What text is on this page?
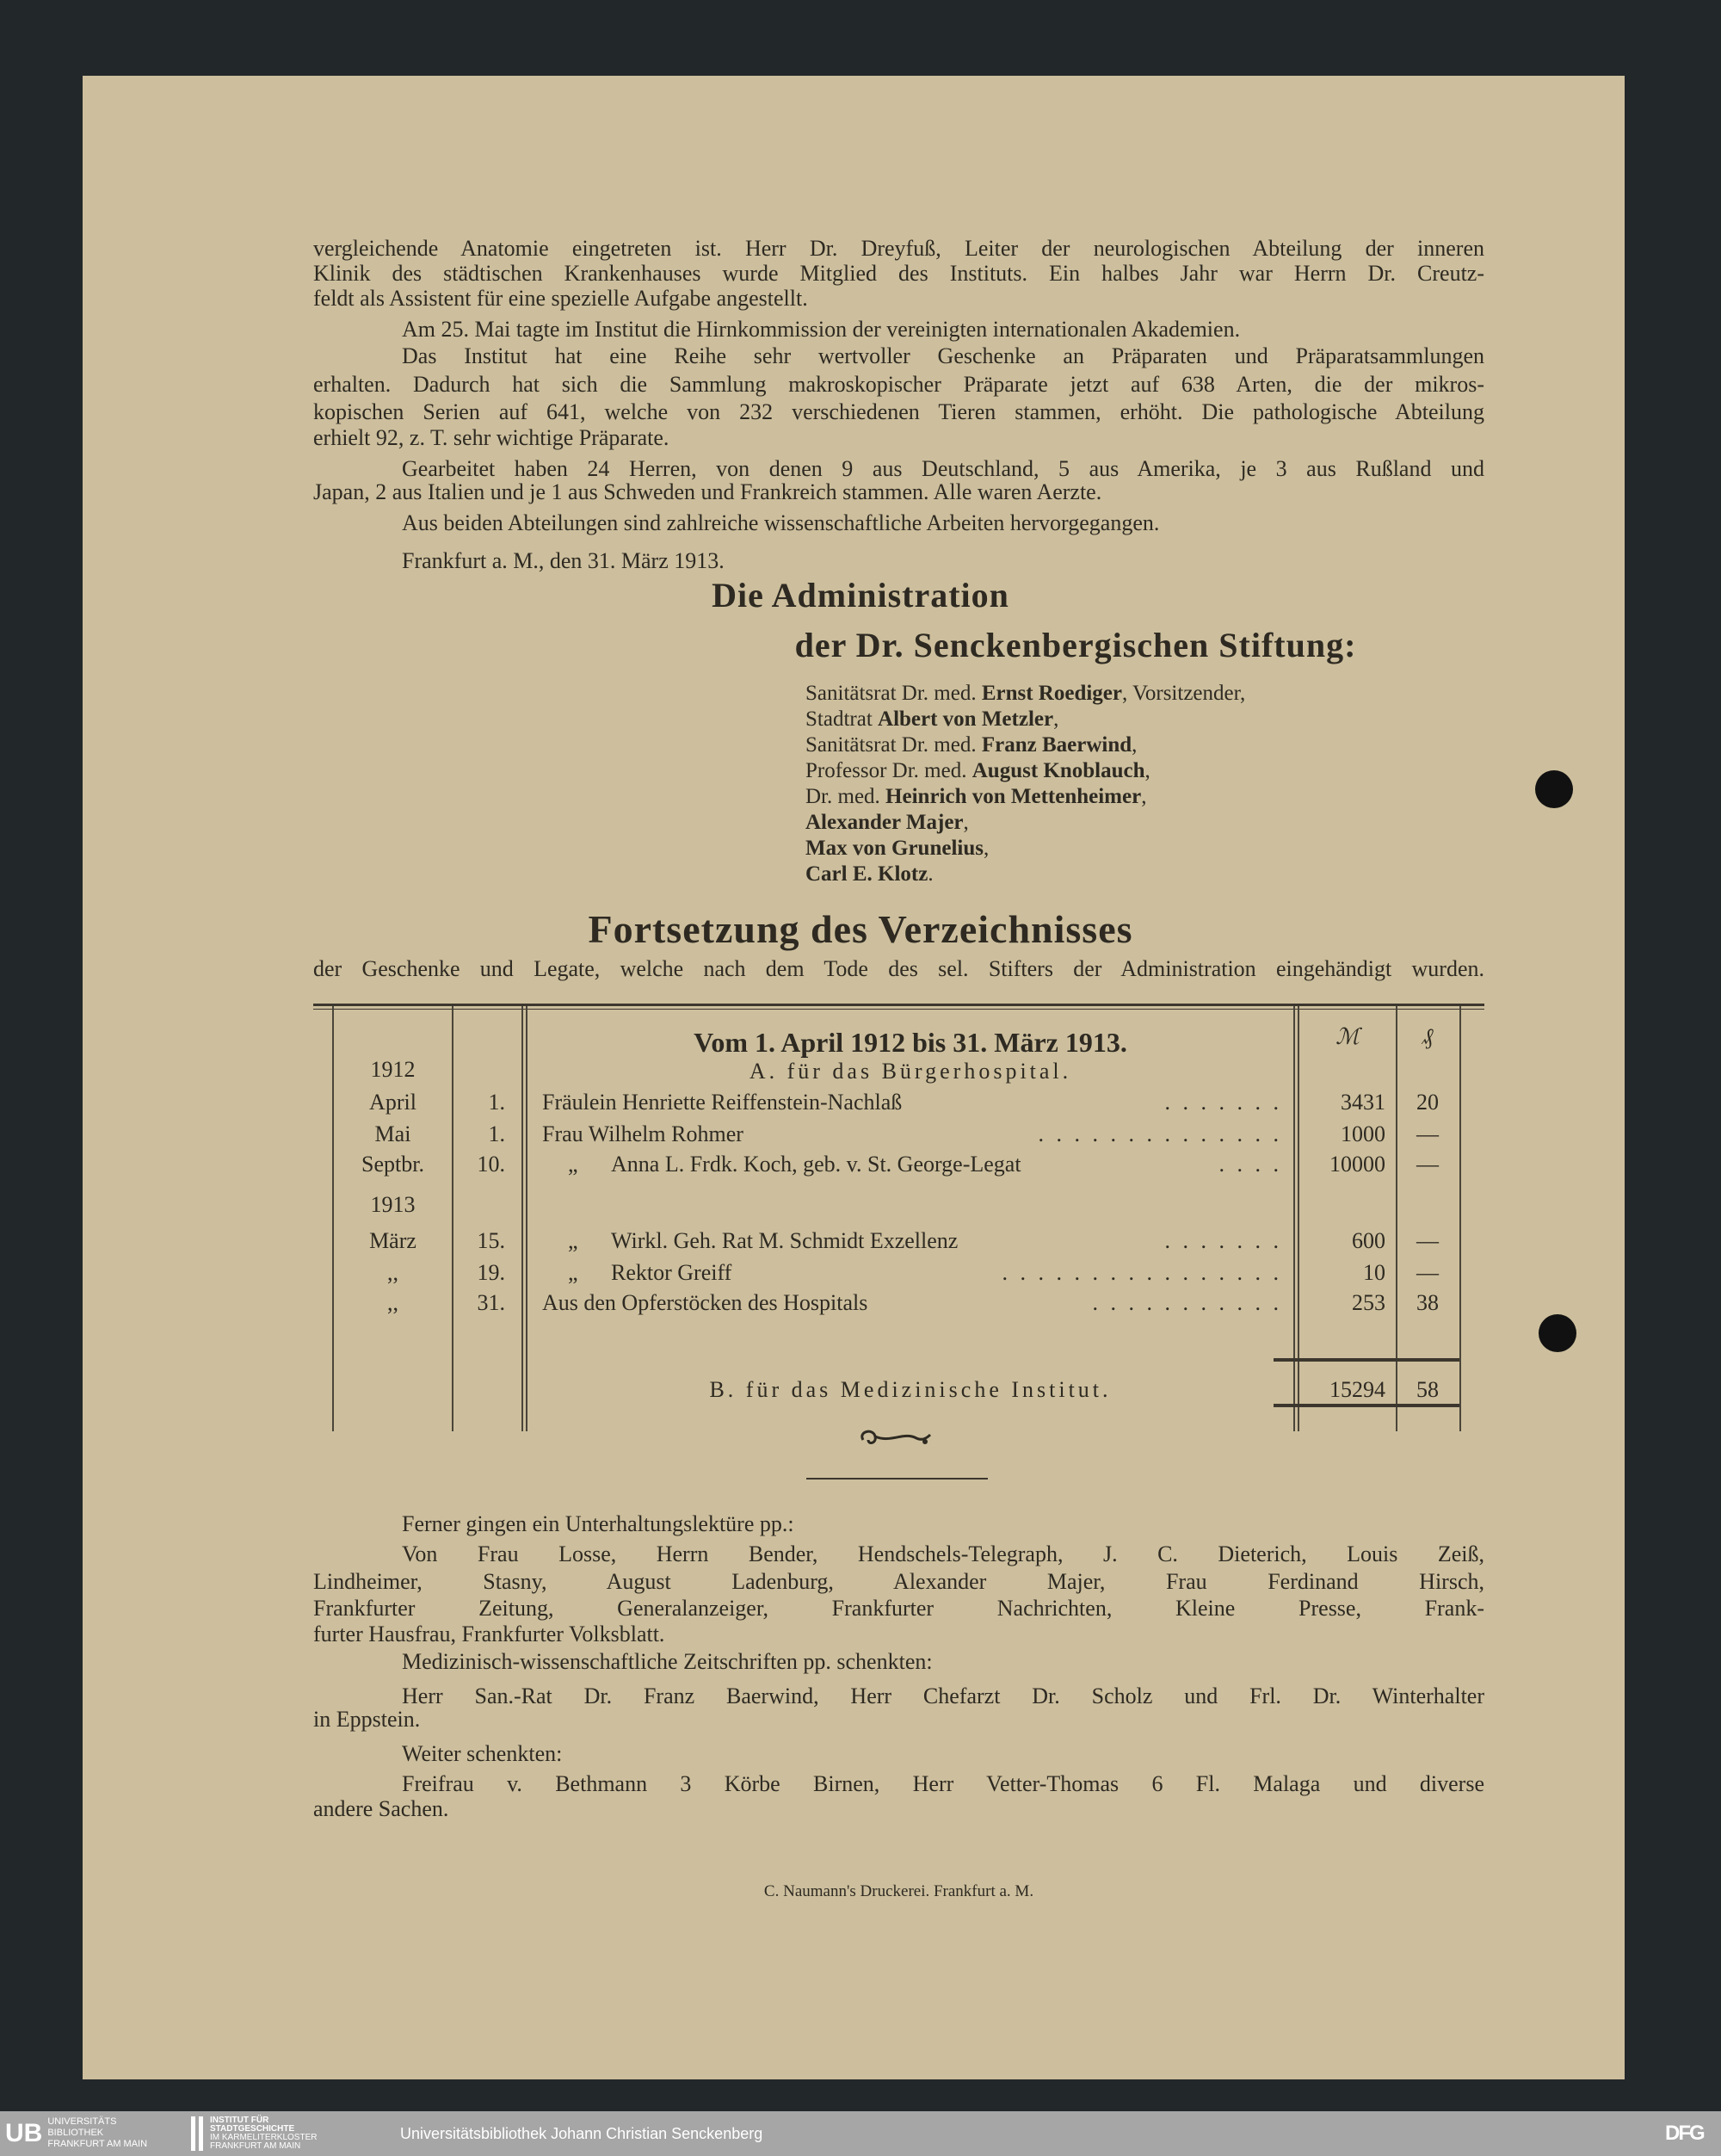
vergleichende Anatomie eingetreten ist. Herr Dr. Dreyfuß, Leiter der neurologischen Abteilung der inneren
Klinik des städtischen Krankenhauses wurde Mitglied des Instituts. Ein halbes Jahr war Herrn Dr. Creutz-
feldt als Assistent für eine spezielle Aufgabe angestellt.
Am 25. Mai tagte im Institut die Hirnkommission der vereinigten internationalen Akademien.
Das Institut hat eine Reihe sehr wertvoller Geschenke an Präparaten und Präparatsammlungen
erhalten. Dadurch hat sich die Sammlung makroskopischer Präparate jetzt auf 638 Arten, die der mikros-
kopischen Serien auf 641, welche von 232 verschiedenen Tieren stammen, erhöht. Die pathologische Abteilung
erhielt 92, z. T. sehr wichtige Präparate.
Gearbeitet haben 24 Herren, von denen 9 aus Deutschland, 5 aus Amerika, je 3 aus Rußland und
Japan, 2 aus Italien und je 1 aus Schweden und Frankreich stammen. Alle waren Aerzte.
Aus beiden Abteilungen sind zahlreiche wissenschaftliche Arbeiten hervorgegangen.
Frankfurt a. M., den 31. März 1913.
Die Administration
der Dr. Senckenbergischen Stiftung:
Sanitätsrat Dr. med. Ernst Roediger, Vorsitzender,
Stadtrat Albert von Metzler,
Sanitätsrat Dr. med. Franz Baerwind,
Professor Dr. med. August Knoblauch,
Dr. med. Heinrich von Mettenheimer,
Alexander Majer,
Max von Grunelius,
Carl E. Klotz.
Fortsetzung des Verzeichnisses
der Geschenke und Legate, welche nach dem Tode des sel. Stifters der Administration eingehändigt wurden.
Vom 1. April 1912 bis 31. März 1913.	ℳ	₰
1912	A. für das Bürgerhospital.
1913
April	1. Fräulein Henriette Reiffenstein-Nachlaß	. . . . . . .	3431	20
Mai	1. Frau Wilhelm Rohmer	. . . . . . . . . . . . . .	1000	—
Septbr.	10.	„ Anna L. Frdk. Koch, geb. v. St. George-Legat	. . . .	10000	—
März	15.	„ Wirkl. Geh. Rat M. Schmidt Exzellenz	. . . . . . .	600	—
,,	19.	„ Rektor Greiff	. . . . . . . . . . . . . . . .	10	—
,,	31. Aus den Opferstöcken des Hospitals	. . . . . . . . . . .	253	38
B. für das Medizinische Institut.	15294	58
Ferner gingen ein Unterhaltungslektüre pp.:
Von Frau Losse, Herrn Bender, Hendschels-Telegraph, J. C. Dieterich, Louis Zeiß,
Lindheimer, Stasny, August Ladenburg, Alexander Majer, Frau Ferdinand Hirsch,
Frankfurter Zeitung, Generalanzeiger, Frankfurter Nachrichten, Kleine Presse, Frank-
furter Hausfrau, Frankfurter Volksblatt.
Medizinisch-wissenschaftliche Zeitschriften pp. schenkten:
Herr San.-Rat Dr. Franz Baerwind, Herr Chefarzt Dr. Scholz und Frl. Dr. Winterhalter
in Eppstein.
Weiter schenkten:
Freifrau v. Bethmann 3 Körbe Birnen, Herr Vetter-Thomas 6 Fl. Malaga und diverse
andere Sachen.
C. Naumann's Druckerei. Frankfurt a. M.
UB UNIVERSITÄTS
BIBLIOTHEK
FRANKFURT AM MAIN
INSTITUT FÜR
STADTGESCHICHTE
IM KARMELITERKLOSTER
FRANKFURT AM MAIN
Universitätsbibliothek Johann Christian Senckenberg	DFG
